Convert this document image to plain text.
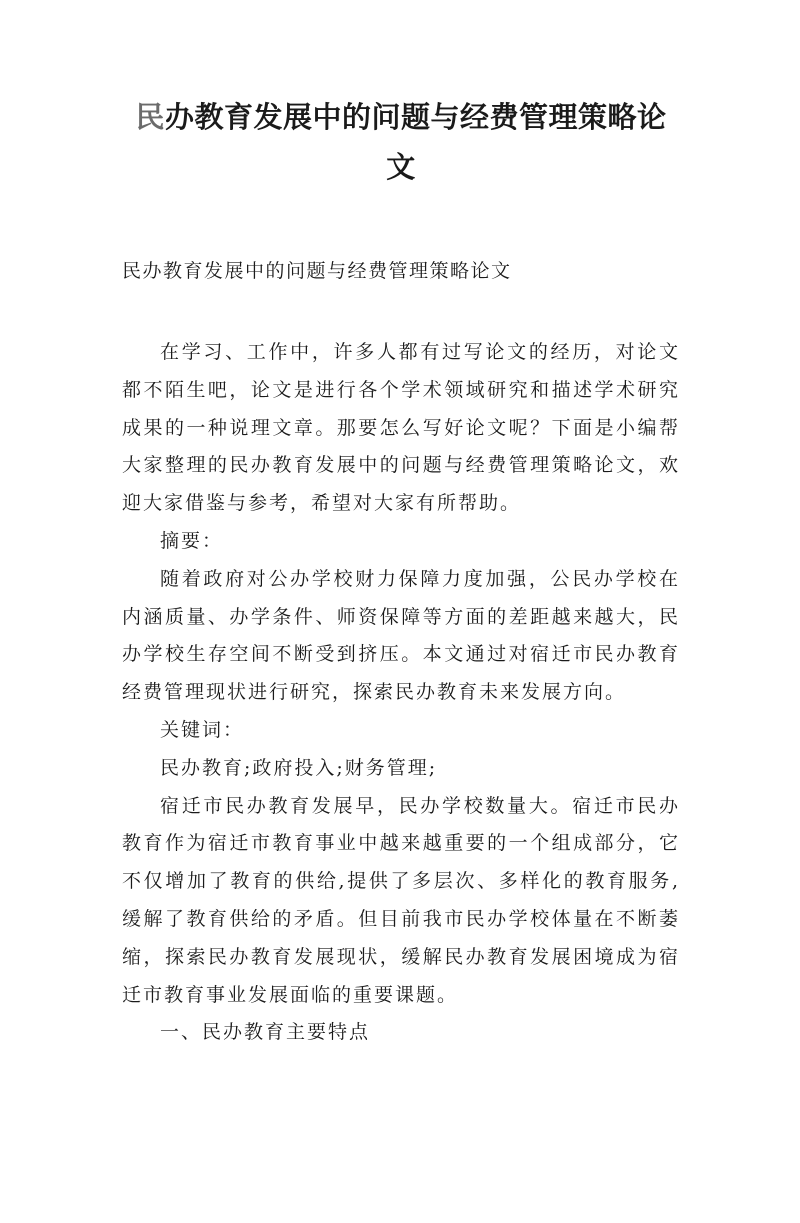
民办教育发展中的问题与经费管理策略论文

民办教育发展中的问题与经费管理策略论文

在学习、工作中，许多人都有过写论文的经历，对论文都不陌生吧，论文是进行各个学术领域研究和描述学术研究成果的一种说理文章。那要怎么写好论文呢？下面是小编帮大家整理的民办教育发展中的问题与经费管理策略论文，欢迎大家借鉴与参考，希望对大家有所帮助。

摘要：

随着政府对公办学校财力保障力度加强，公民办学校在内涵质量、办学条件、师资保障等方面的差距越来越大，民办学校生存空间不断受到挤压。本文通过对宿迁市民办教育经费管理现状进行研究，探索民办教育未来发展方向。

关键词：

民办教育;政府投入;财务管理;

宿迁市民办教育发展早，民办学校数量大。宿迁市民办教育作为宿迁市教育事业中越来越重要的一个组成部分，它不仅增加了教育的供给,提供了多层次、多样化的教育服务,缓解了教育供给的矛盾。但目前我市民办学校体量在不断萎缩，探索民办教育发展现状，缓解民办教育发展困境成为宿迁市教育事业发展面临的重要课题。

一、民办教育主要特点
